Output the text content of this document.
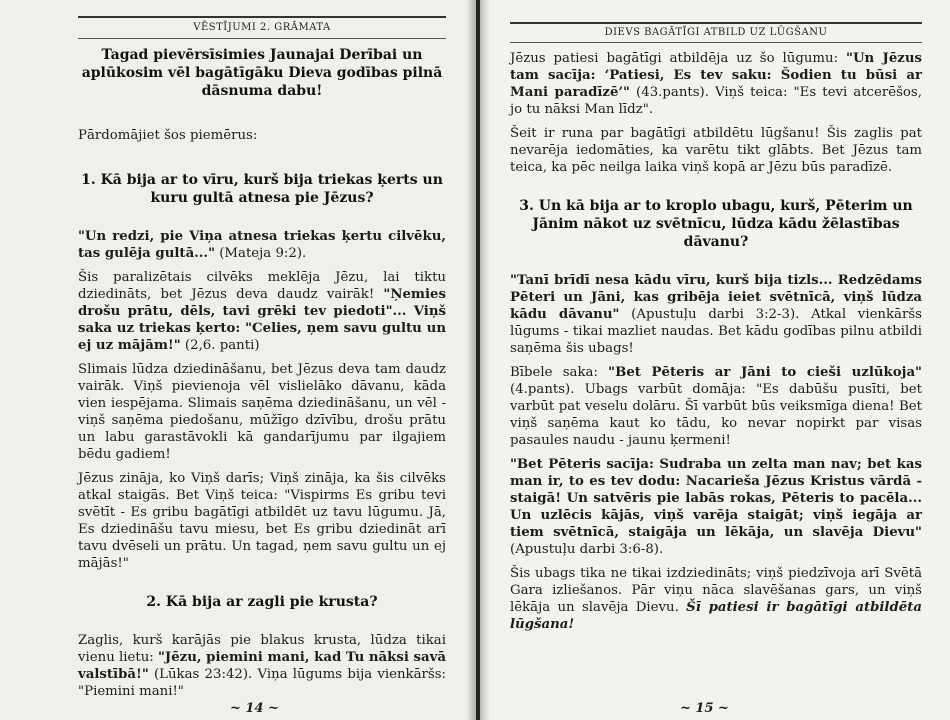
VĒSTĪJUMI 2. GRĀMATA

Tagad pievērsīsimies Jaunajai Derībai un aplūkosim vēl bagātīgāku Dieva godības pilnā dāsnuma dabu!

Pārdomājiet šos piemērus:

1. Kā bija ar to vīru, kurš bija triekas ķerts un kuru gultā atnesa pie Jēzus?

"Un redzi, pie Viņa atnesa triekas ķertu cilvēku, tas gulēja gultā..." (Mateja 9:2).

Šis paralizētais cilvēks meklēja Jēzu, lai tiktu dziedināts, bet Jēzus deva daudz vairāk! "Ņemies drošu prātu, dēls, tavi grēki tev piedoti"... Viņš saka uz triekas ķerto: "Celies, ņem savu gultu un ej uz mājām!" (2,6. panti)

Slimais lūdza dziedināšanu, bet Jēzus deva tam daudz vairāk. Viņš pievienoja vēl vislielāko dāvanu, kāda vien iespējama. Slimais saņēma dziedināšanu, un vēl - viņš saņēma piedošanu, mūžīgo dzīvību, drošu prātu un labu garastāvokli kā gandarījumu par ilgajiem bēdu gadiem!

Jēzus zināja, ko Viņš darīs; Viņš zināja, ka šis cilvēks atkal staigās. Bet Viņš teica: "Vispirms Es gribu tevi svētīt - Es gribu bagātīgi atbildēt uz tavu lūgumu. Jā, Es dziedināšu tavu miesu, bet Es gribu dziedināt arī tavu dvēseli un prātu. Un tagad, ņem savu gultu un ej mājās!"

2. Kā bija ar zagli pie krusta?

Zaglis, kurš karājās pie blakus krusta, lūdza tikai vienu lietu: "Jēzu, piemini mani, kad Tu nāksi savā valstībā!" (Lūkas 23:42). Viņa lūgums bija vienkāršs: "Piemini mani!"

~ 14 ~
DIEVS BAGĀTĪGI ATBILD UZ LŪGŠANU

Jēzus patiesi bagātīgi atbildēja uz šo lūgumu: "Un Jēzus tam sacīja: ‘Patiesi, Es tev saku: Šodien tu būsi ar Mani paradīzē’" (43.pants). Viņš teica: "Es tevi atcerēšos, jo tu nāksi Man līdz".

Šeit ir runa par bagātīgi atbildētu lūgšanu! Šis zaglis pat nevarēja iedomāties, ka varētu tikt glābts. Bet Jēzus tam teica, ka pēc neilga laika viņš kopā ar Jēzu būs paradīzē.

3. Un kā bija ar to kroplo ubagu, kurš, Pēterim un Jānim nākot uz svētnīcu, lūdza kādu žēlastības dāvanu?

"Tanī brīdī nesa kādu vīru, kurš bija tizls... Redzēdams Pēteri un Jāni, kas gribēja ieiet svētnīcā, viņš lūdza kādu dāvanu" (Apustuļu darbi 3:2-3). Atkal vienkāršs lūgums - tikai mazliet naudas. Bet kādu godības pilnu atbildi saņēma šis ubags!

Bībele saka: "Bet Pēteris ar Jāni to cieši uzlūkoja" (4.pants). Ubags varbūt domāja: "Es dabūšu pusīti, bet varbūt pat veselu dolāru. Šī varbūt būs veiksmīga diena! Bet viņš saņēma kaut ko tādu, ko nevar nopirkt par visas pasaules naudu - jaunu ķermeni!

"Bet Pēteris sacīja: Sudraba un zelta man nav; bet kas man ir, to es tev dodu: Nacarieša Jēzus Kristus vārdā - staigā! Un satvēris pie labās rokas, Pēteris to pacēla... Un uzlēcis kājās, viņš varēja staigāt; viņš iegāja ar tiem svētnīcā, staigāja un lēkāja, un slavēja Dievu" (Apustuļu darbi 3:6-8).

Šis ubags tika ne tikai izdziedināts; viņš piedzīvoja arī Svētā Gara izliešanos. Pār viņu nāca slavēšanas gars, un viņš lēkāja un slavēja Dievu. Šī patiesi ir bagātīgi atbildēta lūgšana!

~ 15 ~
